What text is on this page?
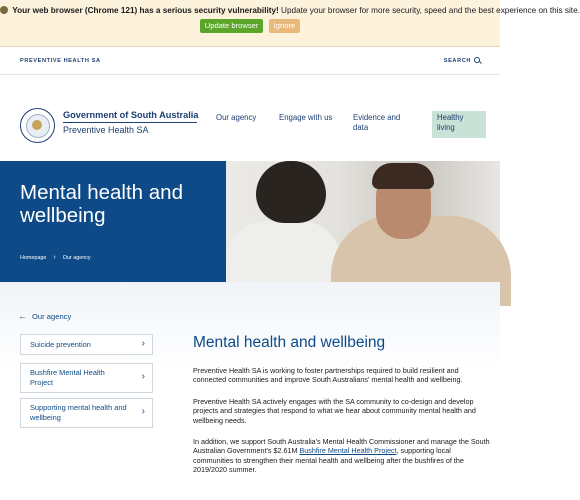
Your web browser (Chrome 121) has a serious security vulnerability! Update your browser for more security, speed and the best experience on this site.
Update browser Ignore
PREVENTIVE HEALTH SA	SEARCH
Government of South Australia
Preventive Health SA
Our agency	Engage with us	Evidence and data
Healthy living
Mental health and wellbeing
Homepage › Our agency
← Our agency
Suicide prevention	›
Bushfire Mental Health Project
›
Supporting mental health and wellbeing
›
Mental health and wellbeing

Preventive Health SA is working to foster partnerships required to build resilient and connected communities and improve South Australians' mental health and wellbeing.

Preventive Health SA actively engages with the SA community to co-design and develop projects and strategies that respond to what we hear about community mental health and wellbeing needs.

In addition, we support South Australia's Mental Health Commissioner and manage the South Australian Government's $2.61M Bushfire Mental Health Project, supporting local communities to strengthen their mental health and wellbeing after the bushfires of the 2019/2020 summer.
